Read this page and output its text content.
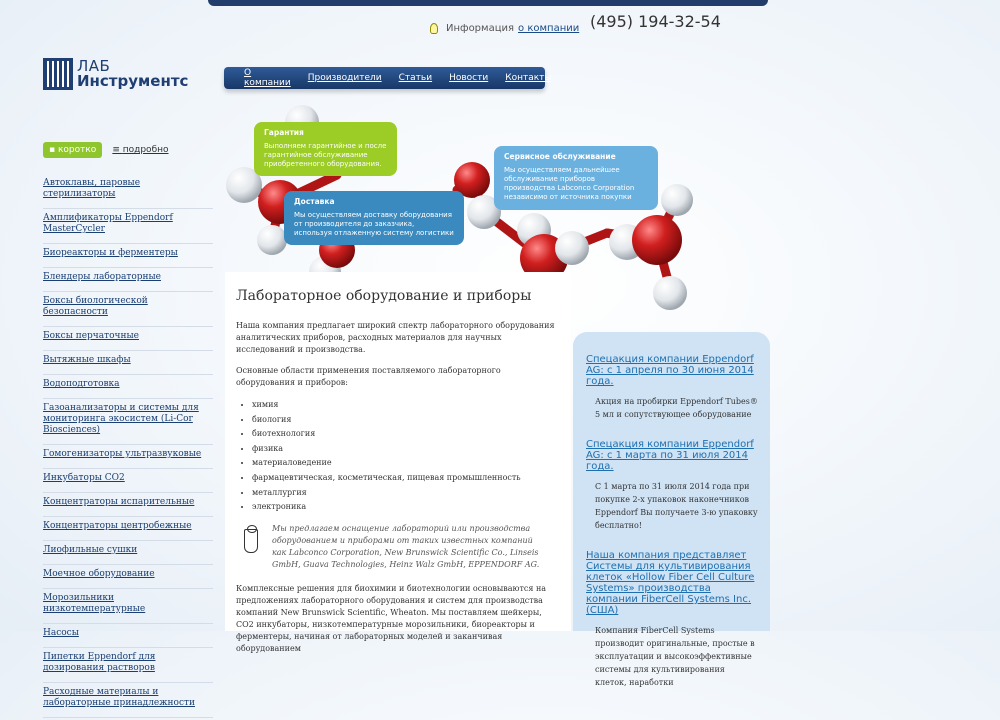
Информация о компании (495) 194-32-54
ЛАБ
Инструментс	О компании Производители Статьи Новости Контакты
▪ коротко	≡ подробно
Автоклавы, паровые стерилизаторы
Амплификаторы Eppendorf MasterCycler
Биореакторы и ферментеры
Блендеры лабораторные
Боксы биологической безопасности
Боксы перчаточные
Вытяжные шкафы
Водоподготовка
Газоанализаторы и системы для мониторинга экосистем (Li-Cor Biosciences)
Гомогенизаторы ультразвуковые
Инкубаторы CO2
Концентраторы испарительные
Концентраторы центробежные
Лиофильные сушки
Моечное оборудование
Морозильники низкотемпературные
Насосы
Пипетки Eppendorf для дозирования растворов
Расходные материалы и лабораторные принадлежности
Гарантия
Выполняем гарантийное и после гарантийное обслуживание приобретенного оборудования.
Доставка
Мы осуществляем доставку оборудования от производителя до заказчика, используя отлаженную систему логистики
Сервисное обслуживание
Мы осуществляем дальнейшее обслуживание приборов производства Labconco Corporation независимо от источника покупки
Лабораторное оборудование и приборы

Наша компания предлагает широкий спектр лабораторного оборудования аналитических приборов, расходных материалов для научных исследований и производства.

Основные области применения поставляемого лабораторного оборудования и приборов:

• химия
• биология
• биотехнология
• физика
• материаловедение
• фармацевтическая, косметическая, пищевая промышленность
• металлургия
• электроника

Мы предлагаем оснащение лабораторий или производства оборудованием и приборами от таких известных компаний как Labconco Corporation, New Brunswick Scientific Co., Linseis GmbH, Guava Technologies, Heinz Walz GmbH, EPPENDORF AG.

Комплексные решения для биохимии и биотехнологии основываются на предложениях лабораторного оборудования и систем для производства компаний New Brunswick Scientific, Wheaton. Мы поставляем шейкеры, CO2 инкубаторы, низкотемпературные морозильники, биореакторы и ферментеры, начиная от лабораторных моделей и заканчивая оборудованием

Спецакция компании Eppendorf AG: с 1 апреля по 30 июня 2014 года.

Акция на пробирки Eppendorf Tubes® 5 мл и сопутствующее оборудование

Спецакция компании Eppendorf AG: с 1 марта по 31 июля 2014 года.

С 1 марта по 31 июля 2014 года при покупке 2-х упаковок наконечников Eppendorf Вы получаете 3-ю упаковку бесплатно!

Наша компания представляет Системы для культивирования клеток «Hollow Fiber Cell Culture Systems» производства компании FiberCell Systems Inc. (США)

Компания FiberCell Systems производит оригинальные, простые в эксплуатации и высокоэффективные системы для культивирования клеток, наработки
